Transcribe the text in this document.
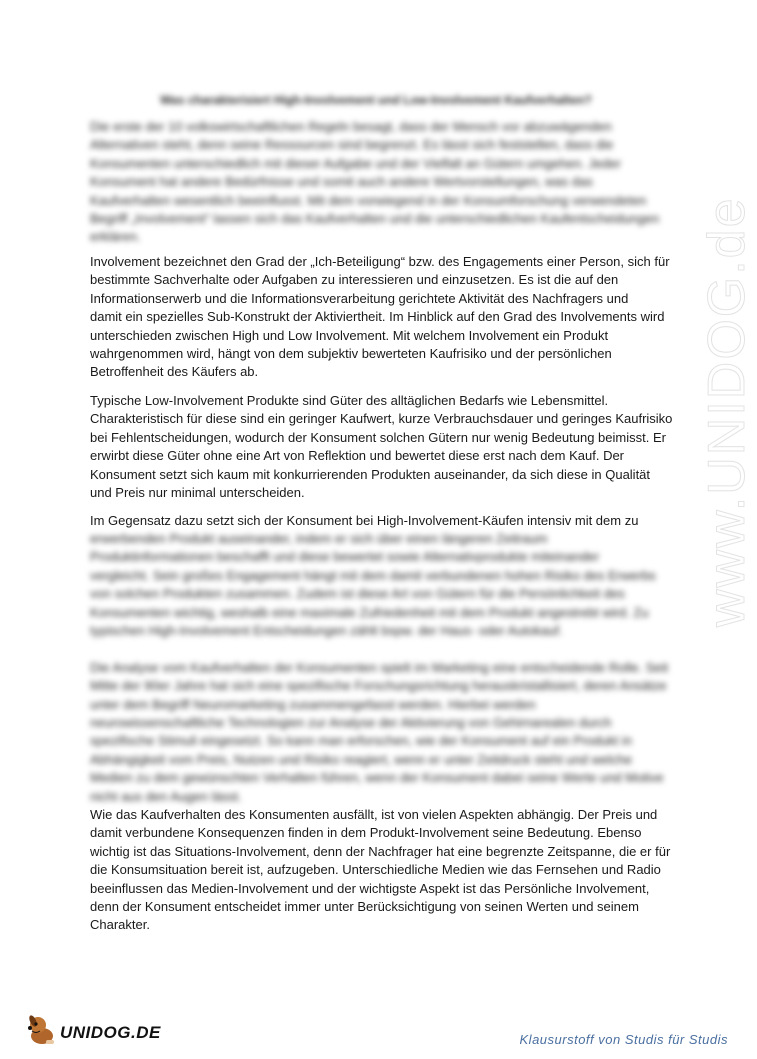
Was charakterisiert High-Involvement und Low-Involvement Kaufverhalten?
Die erste der 10 volkswirtschaftlichen Regeln besagt, dass der Mensch vor abzuwägenden
Alternativen steht, denn seine Ressourcen sind begrenzt. Es lässt sich feststellen, dass die
Konsumenten unterschiedlich mit dieser Aufgabe und der Vielfalt an Gütern umgehen. Jeder
Konsument hat andere Bedürfnisse und somit auch andere Wertvorstellungen, was das
Kaufverhalten wesentlich beeinflusst. Mit dem vorwiegend in der Konsumforschung verwendeten
Begriff „Involvement“ lassen sich das Kaufverhalten und die unterschiedlichen Kaufentscheidungen
erklären.
Involvement bezeichnet den Grad der „Ich-Beteiligung“ bzw. des Engagements einer Person, sich für
bestimmte Sachverhalte oder Aufgaben zu interessieren und einzusetzen. Es ist die auf den
Informationserwerb und die Informationsverarbeitung gerichtete Aktivität des Nachfragers und
damit ein spezielles Sub-Konstrukt der Aktiviertheit. Im Hinblick auf den Grad des Involvements wird
unterschieden zwischen High und Low Involvement. Mit welchem Involvement ein Produkt
wahrgenommen wird, hängt von dem subjektiv bewerteten Kaufrisiko und der persönlichen
Betroffenheit des Käufers ab.
Typische Low-Involvement Produkte sind Güter des alltäglichen Bedarfs wie Lebensmittel.
Charakteristisch für diese sind ein geringer Kaufwert, kurze Verbrauchsdauer und geringes Kaufrisiko
bei Fehlentscheidungen, wodurch der Konsument solchen Gütern nur wenig Bedeutung beimisst. Er
erwirbt diese Güter ohne eine Art von Reflektion und bewertet diese erst nach dem Kauf. Der
Konsument setzt sich kaum mit konkurrierenden Produkten auseinander, da sich diese in Qualität
und Preis nur minimal unterscheiden.
Im Gegensatz dazu setzt sich der Konsument bei High-Involvement-Käufen intensiv mit dem zu
erwerbenden Produkt auseinander, indem er sich über einen längeren Zeitraum
Produktinformationen beschafft und diese bewertet sowie Alternativprodukte miteinander
vergleicht. Sein großes Engagement hängt mit dem damit verbundenen hohen Risiko des Erwerbs
von solchen Produkten zusammen. Zudem ist diese Art von Gütern für die Persönlichkeit des
Konsumenten wichtig, weshalb eine maximale Zufriedenheit mit dem Produkt angestrebt wird. Zu
typischen High-Involvement Entscheidungen zählt bspw. der Haus- oder Autokauf.

Die Analyse vom Kaufverhalten der Konsumenten spielt im Marketing eine entscheidende Rolle. Seit
Mitte der 90er Jahre hat sich eine spezifische Forschungsrichtung herauskristallisiert, deren Ansätze
unter dem Begriff Neuromarketing zusammengefasst werden. Hierbei werden
neurowissenschaftliche Technologien zur Analyse der Aktivierung von Gehirnarealen durch
spezifische Stimuli eingesetzt. So kann man erforschen, wie der Konsument auf ein Produkt in
Abhängigkeit vom Preis, Nutzen und Risiko reagiert, wenn er unter Zeitdruck steht und welche
Medien zu dem gewünschten Verhalten führen, wenn der Konsument dabei seine Werte und Motive
nicht aus den Augen lässt.
Wie das Kaufverhalten des Konsumenten ausfällt, ist von vielen Aspekten abhängig. Der Preis und
damit verbundene Konsequenzen finden in dem Produkt-Involvement seine Bedeutung. Ebenso
wichtig ist das Situations-Involvement, denn der Nachfrager hat eine begrenzte Zeitspanne, die er für
die Konsumsituation bereit ist, aufzugeben. Unterschiedliche Medien wie das Fernsehen und Radio
beeinflussen das Medien-Involvement und der wichtigste Aspekt ist das Persönliche Involvement,
denn der Konsument entscheidet immer unter Berücksichtigung von seinen Werten und seinem
Charakter.
www.UNIDOG.de
UNIDOG.DE	Klausurstoff von Studis für Studis
